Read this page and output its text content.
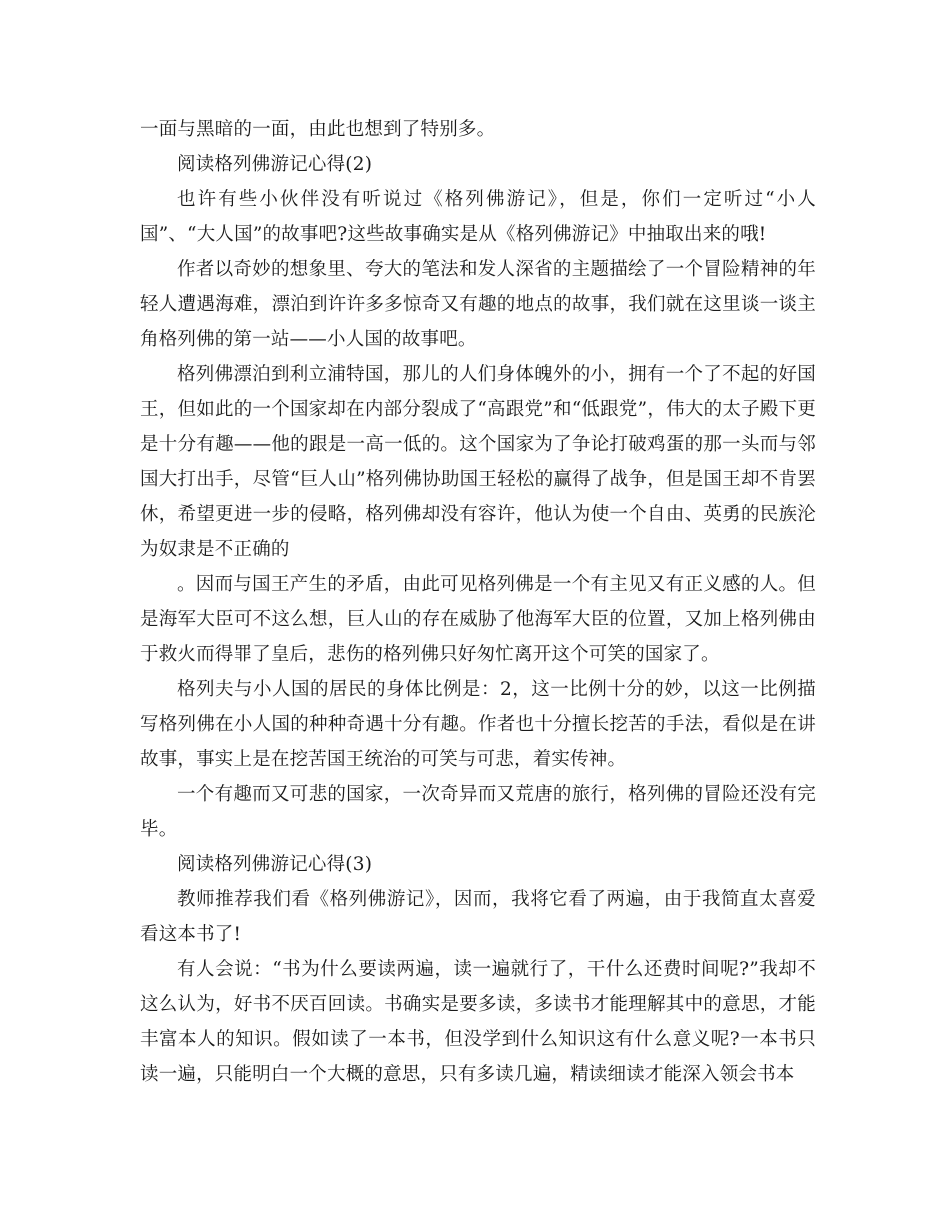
一面与黑暗的一面，由此也想到了特别多。

阅读格列佛游记心得(2)

也许有些小伙伴没有听说过《格列佛游记》，但是，你们一定听过“小人国”、“大人国”的故事吧?这些故事确实是从《格列佛游记》中抽取出来的哦!

作者以奇妙的想象里、夸大的笔法和发人深省的主题描绘了一个冒险精神的年轻人遭遇海难，漂泊到许许多多惊奇又有趣的地点的故事，我们就在这里谈一谈主角格列佛的第一站——小人国的故事吧。

格列佛漂泊到利立浦特国，那儿的人们身体魄外的小，拥有一个了不起的好国王，但如此的一个国家却在内部分裂成了“高跟党”和“低跟党”，伟大的太子殿下更是十分有趣——他的跟是一高一低的。这个国家为了争论打破鸡蛋的那一头而与邻国大打出手，尽管“巨人山”格列佛协助国王轻松的赢得了战争，但是国王却不肯罢休，希望更进一步的侵略，格列佛却没有容许，他认为使一个自由、英勇的民族沦为奴隶是不正确的

。因而与国王产生的矛盾，由此可见格列佛是一个有主见又有正义感的人。但是海军大臣可不这么想，巨人山的存在威胁了他海军大臣的位置，又加上格列佛由于救火而得罪了皇后，悲伤的格列佛只好匆忙离开这个可笑的国家了。

格列夫与小人国的居民的身体比例是：2，这一比例十分的妙，以这一比例描写格列佛在小人国的种种奇遇十分有趣。作者也十分擅长挖苦的手法，看似是在讲故事，事实上是在挖苦国王统治的可笑与可悲，着实传神。

一个有趣而又可悲的国家，一次奇异而又荒唐的旅行，格列佛的冒险还没有完毕。

阅读格列佛游记心得(3)

教师推荐我们看《格列佛游记》，因而，我将它看了两遍，由于我简直太喜爱看这本书了!

有人会说：“书为什么要读两遍，读一遍就行了，干什么还费时间呢?”我却不这么认为，好书不厌百回读。书确实是要多读，多读书才能理解其中的意思，才能丰富本人的知识。假如读了一本书，但没学到什么知识这有什么意义呢?一本书只读一遍，只能明白一个大概的意思，只有多读几遍，精读细读才能深入领会书本
